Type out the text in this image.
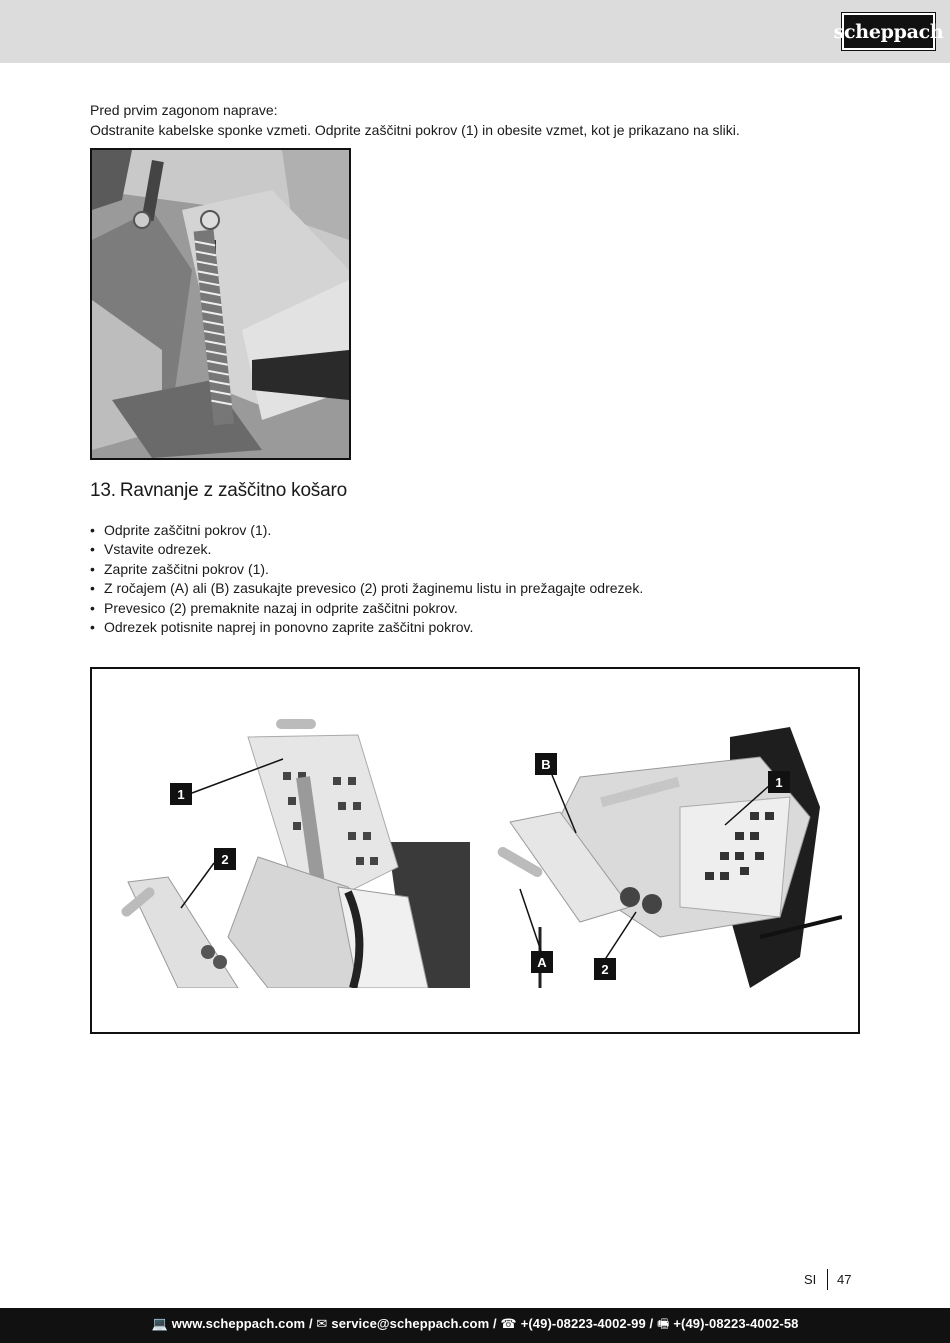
scheppach
Pred prvim zagonom naprave:
Odstranite kabelske sponke vzmeti. Odprite zaščitni pokrov (1) in obesite vzmet, kot je prikazano na sliki.
13. Ravnanje z zaščitno košaro
• Odprite zaščitni pokrov (1).
• Vstavite odrezek.
• Zaprite zaščitni pokrov (1).
• Z ročajem (A) ali (B) zasukajte prevesico (2) proti žaginemu listu in prežagajte odrezek.
• Prevesico (2) premaknite nazaj in odprite zaščitni pokrov.
• Odrezek potisnite naprej in ponovno zaprite zaščitni pokrov.
1
2
B
1
A	2
SI 47
💻 www.scheppach.com / ✉ service@scheppach.com / ☎ +(49)-08223-4002-99 / 🖷 +(49)-08223-4002-58
